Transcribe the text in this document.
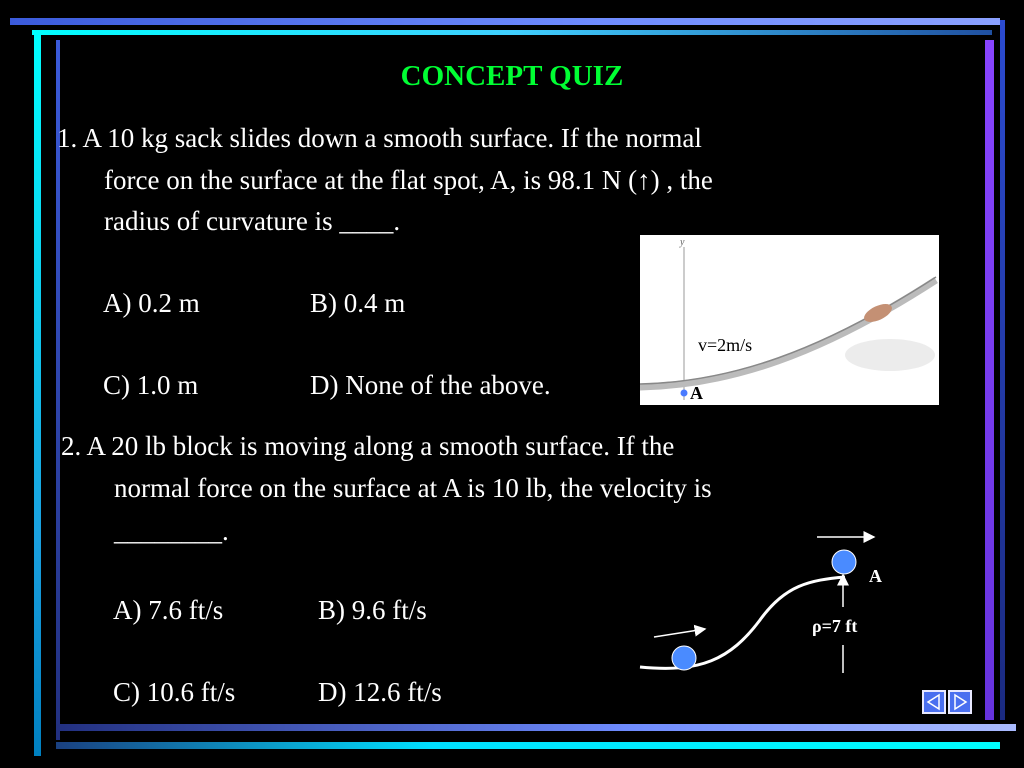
CONCEPT QUIZ
1. A 10 kg sack slides down a smooth surface. If the normal
force on the surface at the flat spot, A, is 98.1 N (↑) , the
radius of curvature is ____.
A) 0.2 m	B) 0.4 m
C) 1.0 m	D) None of the above.
y
v=2m/s
A
2. A 20 lb block is moving along a smooth surface. If the
normal force on the surface at A is 10 lb, the velocity is
________.
A) 7.6 ft/s	B) 9.6 ft/s
C) 10.6 ft/s	D) 12.6 ft/s
A
ρ=7 ft
